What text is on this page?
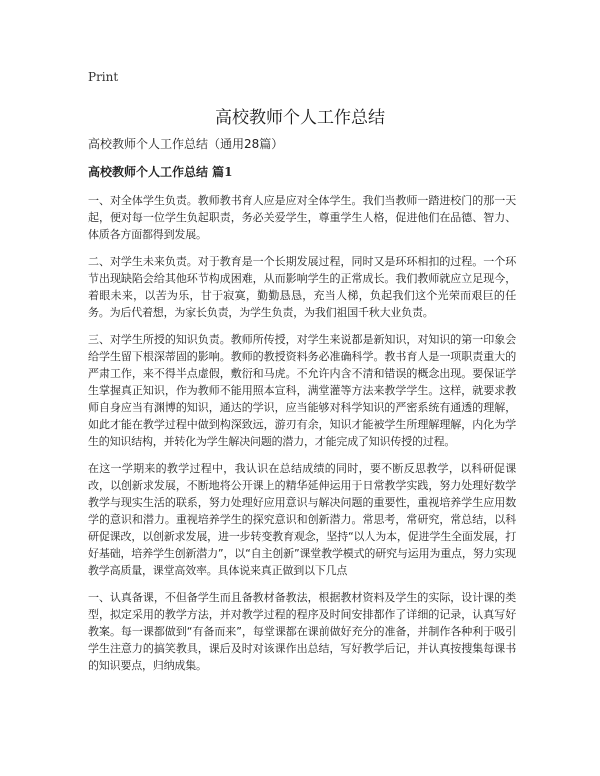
Print
高校教师个人工作总结

高校教师个人工作总结（通用28篇）

高校教师个人工作总结 篇1

一、对全体学生负责。教师教书育人应是应对全体学生。我们当教师一踏进校门的那一天起，便对每一位学生负起职责，务必关爱学生，尊重学生人格，促进他们在品德、智力、体质各方面都得到发展。

二、对学生未来负责。对于教育是一个长期发展过程，同时又是环环相扣的过程。一个环节出现缺陷会给其他环节构成困难，从而影响学生的正常成长。我们教师就应立足现今，着眼未来，以苦为乐，甘于寂寞，勤勤恳恳，充当人梯，负起我们这个光荣而艰巨的任务。为后代着想，为家长负责，为学生负责，为我们祖国千秋大业负责。

三、对学生所授的知识负责。教师所传授，对学生来说都是新知识，对知识的第一印象会给学生留下根深蒂固的影响。教师的教授资料务必准确科学。教书育人是一项职责重大的严肃工作，来不得半点虚假，敷衍和马虎。不允许内含不清和错误的概念出现。要保证学生掌握真正知识，作为教师不能用照本宣科，满堂灌等方法来教学学生。这样，就要求教师自身应当有渊博的知识，通达的学识，应当能够对科学知识的严密系统有通透的理解，如此才能在教学过程中做到构深致远，游刃有余，知识才能被学生所理解理解，内化为学生的知识结构，并转化为学生解决问题的潜力，才能完成了知识传授的过程。

在这一学期来的教学过程中，我认识在总结成绩的同时，要不断反思教学，以科研促课改，以创新求发展，不断地将公开课上的精华延伸运用于日常教学实践，努力处理好数学教学与现实生活的联系，努力处理好应用意识与解决问题的重要性，重视培养学生应用数学的意识和潜力。重视培养学生的探究意识和创新潜力。常思考，常研究，常总结，以科研促课改，以创新求发展，进一步转变教育观念，坚持“以人为本，促进学生全面发展，打好基础，培养学生创新潜力”，以“自主创新”课堂教学模式的研究与运用为重点，努力实现教学高质量，课堂高效率。具体说来真正做到以下几点

一、认真备课，不但备学生而且备教材备教法，根据教材资料及学生的实际，设计课的类型，拟定采用的教学方法，并对教学过程的程序及时间安排都作了详细的记录，认真写好教案。每一课都做到“有备而来”，每堂课都在课前做好充分的准备，并制作各种利于吸引学生注意力的搞笑教具，课后及时对该课作出总结，写好教学后记，并认真按搜集每课书的知识要点，归纳成集。
